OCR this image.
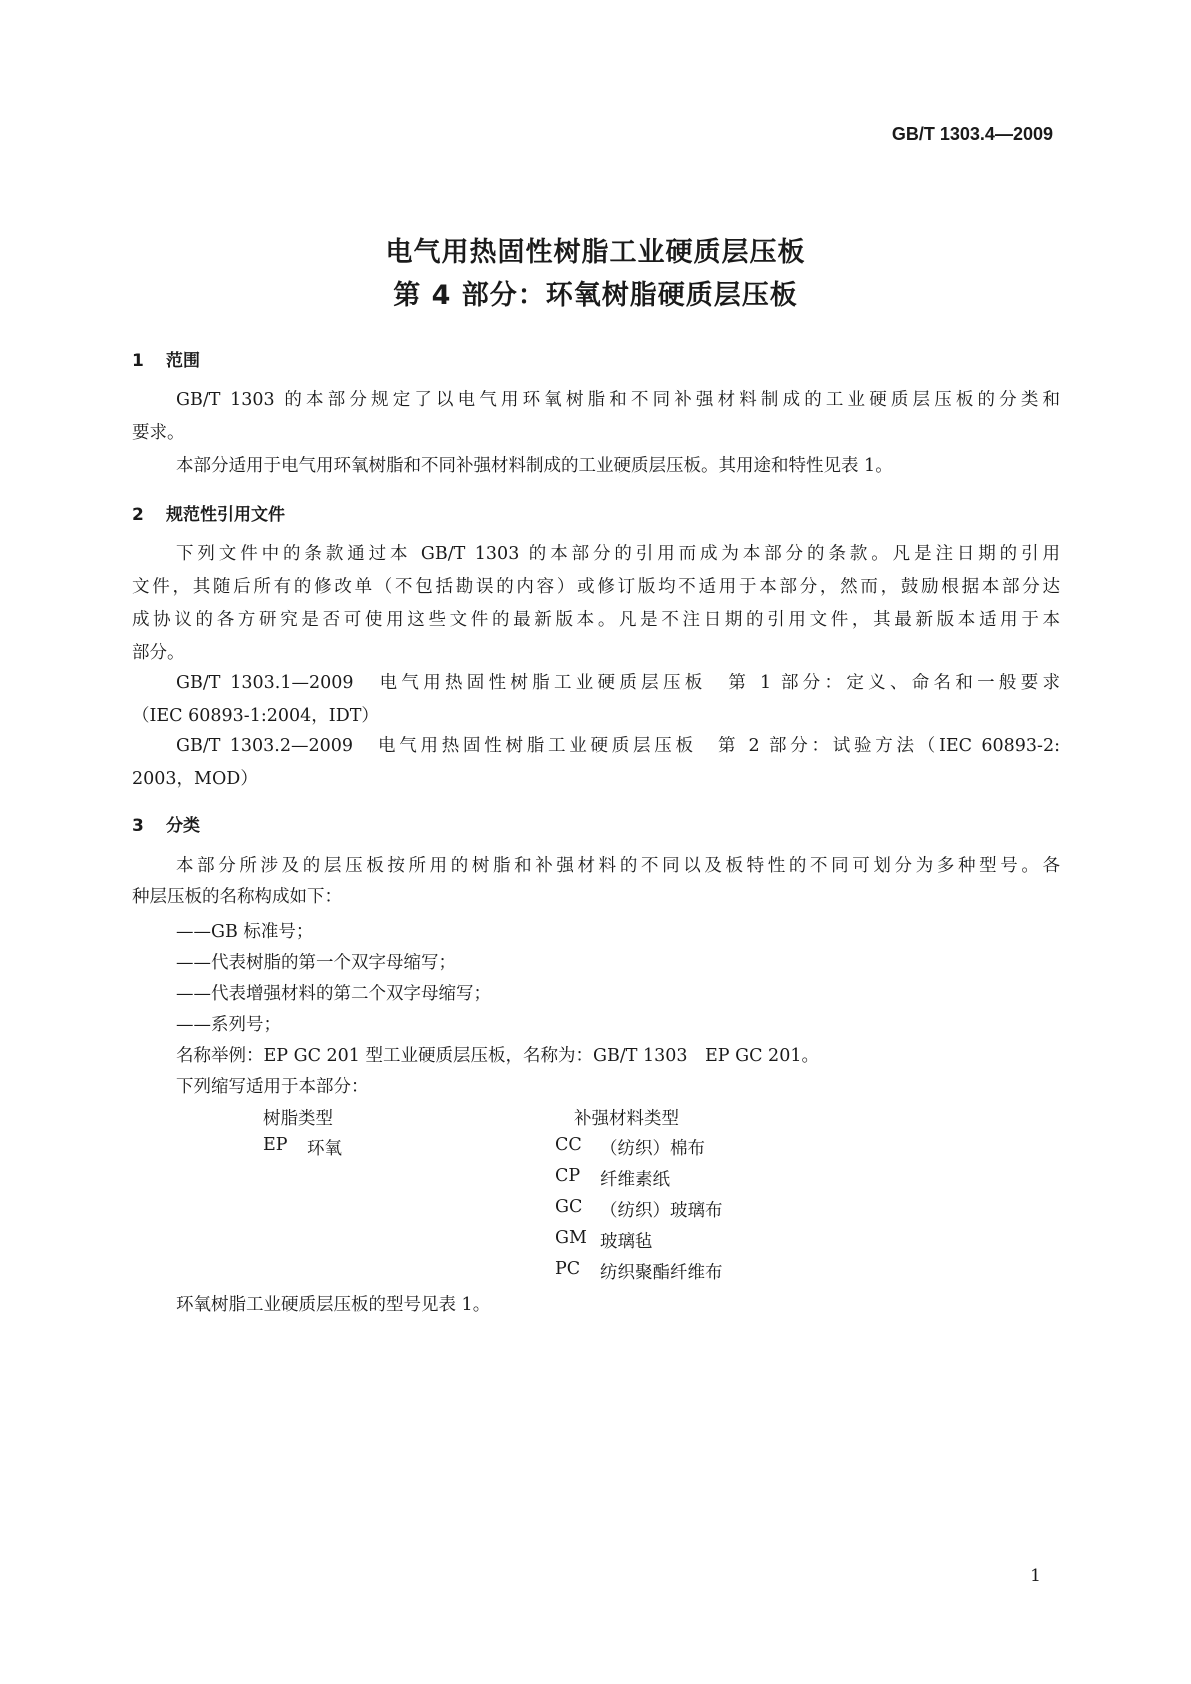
GB/T 1303.4—2009
电气用热固性树脂工业硬质层压板
第 4 部分：环氧树脂硬质层压板
1 范围
GB/T 1303 的本部分规定了以电气用环氧树脂和不同补强材料制成的工业硬质层压板的分类和
要求。
本部分适用于电气用环氧树脂和不同补强材料制成的工业硬质层压板。其用途和特性见表 1。
2 规范性引用文件
下列文件中的条款通过本 GB/T 1303 的本部分的引用而成为本部分的条款。凡是注日期的引用
文件，其随后所有的修改单（不包括勘误的内容）或修订版均不适用于本部分，然而，鼓励根据本部分达
成协议的各方研究是否可使用这些文件的最新版本。凡是不注日期的引用文件，其最新版本适用于本
部分。
GB/T 1303.1—2009　电气用热固性树脂工业硬质层压板　第 1 部分：定义、命名和一般要求
（IEC 60893-1:2004，IDT）
GB/T 1303.2—2009　电气用热固性树脂工业硬质层压板　第 2 部分：试验方法（IEC 60893-2:
2003，MOD）
3 分类
本部分所涉及的层压板按所用的树脂和补强材料的不同以及板特性的不同可划分为多种型号。各
种层压板的名称构成如下：
——GB 标准号；
——代表树脂的第一个双字母缩写；
——代表增强材料的第二个双字母缩写；
——系列号；
名称举例：EP GC 201 型工业硬质层压板，名称为：GB/T 1303　EP GC 201。
下列缩写适用于本部分：
树脂类型	补强材料类型
EP 环氧	CC （纺织）棉布
CP 纤维素纸
GC （纺织）玻璃布
GM 玻璃毡
PC 纺织聚酯纤维布
环氧树脂工业硬质层压板的型号见表 1。
1
